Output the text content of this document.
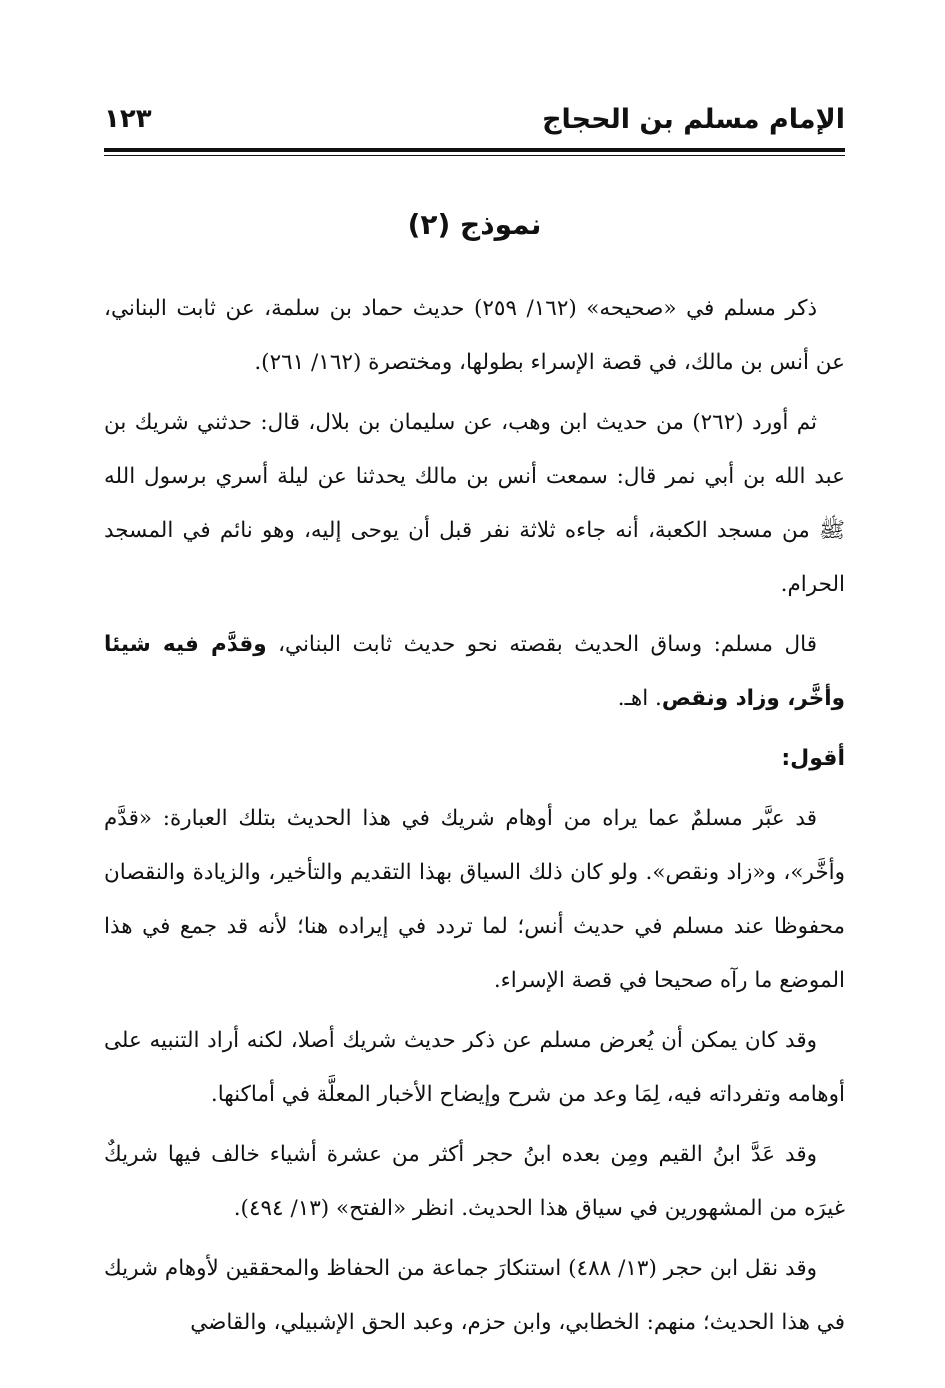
الإمام مسلم بن الحجاج
١٢٣
نموذج (٢)

ذكر مسلم في «صحيحه» (١٦٢/ ٢٥٩) حديث حماد بن سلمة، عن ثابت البناني، عن أنس بن مالك، في قصة الإسراء بطولها، ومختصرة (١٦٢/ ٢٦١).

ثم أورد (٢٦٢) من حديث ابن وهب، عن سليمان بن بلال، قال: حدثني شريك بن عبد الله بن أبي نمر قال: سمعت أنس بن مالك يحدثنا عن ليلة أسري برسول الله ﷺ من مسجد الكعبة، أنه جاءه ثلاثة نفر قبل أن يوحى إليه، وهو نائم في المسجد الحرام.

قال مسلم: وساق الحديث بقصته نحو حديث ثابت البناني، وقدَّم فيه شيئا وأخَّر، وزاد ونقص. اهـ.

أقول:

قد عبَّر مسلمٌ عما يراه من أوهام شريك في هذا الحديث بتلك العبارة: «قدَّم وأخَّر»، و«زاد ونقص». ولو كان ذلك السياق بهذا التقديم والتأخير، والزيادة والنقصان محفوظا عند مسلم في حديث أنس؛ لما تردد في إيراده هنا؛ لأنه قد جمع في هذا الموضع ما رآه صحيحا في قصة الإسراء.

وقد كان يمكن أن يُعرض مسلم عن ذكر حديث شريك أصلا، لكنه أراد التنبيه على أوهامه وتفرداته فيه، لِمَا وعد من شرح وإيضاح الأخبار المعلَّة في أماكنها.

وقد عَدَّ ابنُ القيم ومِن بعده ابنُ حجر أكثر من عشرة أشياء خالف فيها شريكٌ غيرَه من المشهورين في سياق هذا الحديث. انظر «الفتح» (١٣/ ٤٩٤).

وقد نقل ابن حجر (١٣/ ٤٨٨) استنكارَ جماعة من الحفاظ والمحققين لأوهام شريك في هذا الحديث؛ منهم: الخطابي، وابن حزم، وعبد الحق الإشبيلي، والقاضي
